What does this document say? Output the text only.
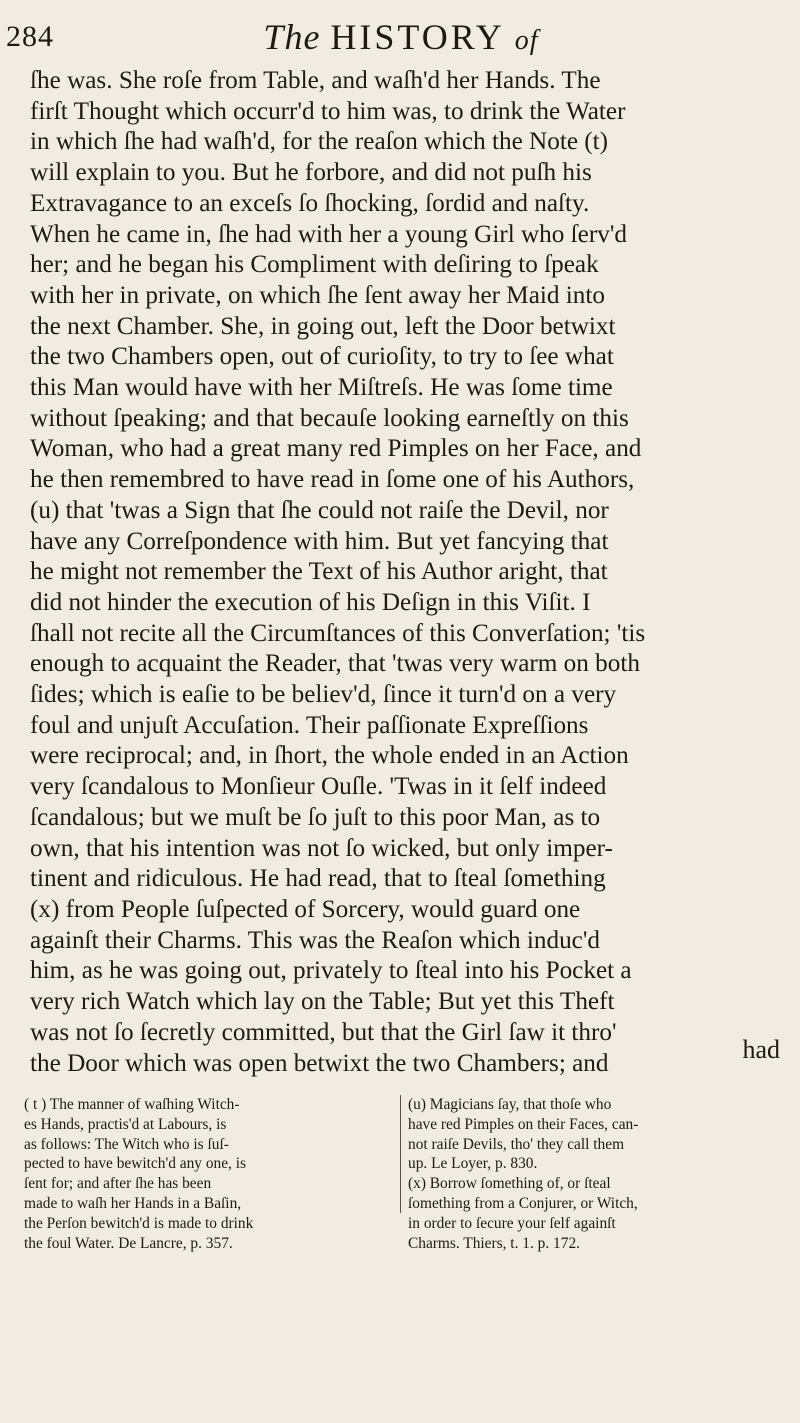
284	The HISTORY of

ſhe was. She roſe from Table, and waſh'd her Hands. The

firſt Thought which occurr'd to him was, to drink the Water

in which ſhe had waſh'd, for the reaſon which the Note (t)

will explain to you. But he forbore, and did not puſh his

Extravagance to an exceſs ſo ſhocking, ſordid and naſty.

When he came in, ſhe had with her a young Girl who ſerv'd

her; and he began his Compliment with deſiring to ſpeak

with her in private, on which ſhe ſent away her Maid into

the next Chamber. She, in going out, left the Door betwixt

the two Chambers open, out of curioſity, to try to ſee what

this Man would have with her Miſtreſs. He was ſome time

without ſpeaking; and that becauſe looking earneſtly on this

Woman, who had a great many red Pimples on her Face, and

he then remembred to have read in ſome one of his Authors,

(u) that 'twas a Sign that ſhe could not raiſe the Devil, nor

have any Correſpondence with him. But yet fancying that

he might not remember the Text of his Author aright, that

did not hinder the execution of his Deſign in this Viſit. I

ſhall not recite all the Circumſtances of this Converſation; 'tis

enough to acquaint the Reader, that 'twas very warm on both

ſides; which is eaſie to be believ'd, ſince it turn'd on a very

foul and unjuſt Accuſation. Their paſſionate Expreſſions

were reciprocal; and, in ſhort, the whole ended in an Action

very ſcandalous to Monſieur Ouſle. 'Twas in it ſelf indeed

ſcandalous; but we muſt be ſo juſt to this poor Man, as to

own, that his intention was not ſo wicked, but only imper-

tinent and ridiculous. He had read, that to ſteal ſomething

(x) from People ſuſpected of Sorcery, would guard one

againſt their Charms. This was the Reaſon which induc'd

him, as he was going out, privately to ſteal into his Pocket a

very rich Watch which lay on the Table; But yet this Theft

was not ſo ſecretly committed, but that the Girl ſaw it thro'

the Door which was open betwixt the two Chambers; and	had

( t ) The manner of waſhing Witch-

es Hands, practis'd at Labours, is

as follows: The Witch who is ſuſ-

pected to have bewitch'd any one, is

ſent for; and after ſhe has been

made to waſh her Hands in a Baſin,

the Perſon bewitch'd is made to drink

the foul Water. De Lancre, p. 357.

(u) Magicians ſay, that thoſe who

have red Pimples on their Faces, can-

not raiſe Devils, tho' they call them

up. Le Loyer, p. 830.

(x) Borrow ſomething of, or ſteal

ſomething from a Conjurer, or Witch,

in order to ſecure your ſelf againſt

Charms. Thiers, t. 1. p. 172.
